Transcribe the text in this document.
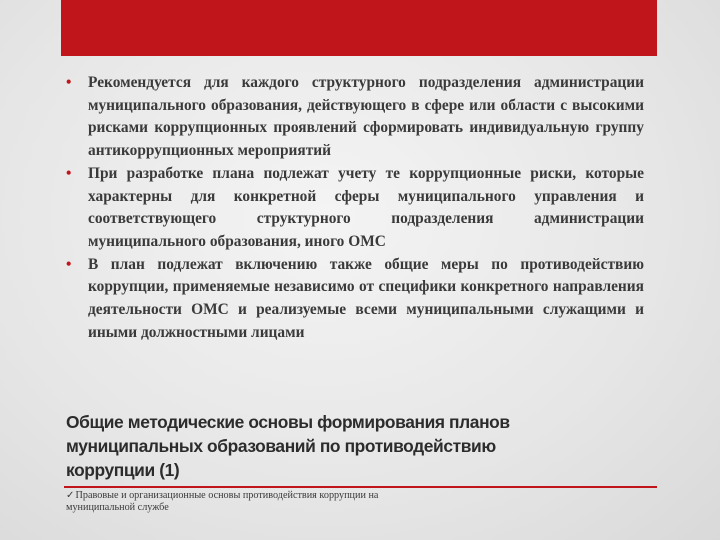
• Рекомендуется для каждого структурного подразделения администрации муниципального образования, действующего в сфере или области с высокими рисками коррупционных проявлений сформировать индивидуальную группу антикоррупционных мероприятий
• При разработке плана подлежат учету те коррупционные риски, которые характерны для конкретной сферы муниципального управления и соответствующего структурного подразделения администрации муниципального образования, иного ОМС
• В план подлежат включению также общие меры по противодействию коррупции, применяемые независимо от специфики конкретного направления деятельности ОМС и реализуемые всеми муниципальными служащими и иными должностными лицами
Общие методические основы формирования планов муниципальных образований по противодействию коррупции (1)

✓Правовые и организационные основы противодействия коррупции на муниципальной службе
